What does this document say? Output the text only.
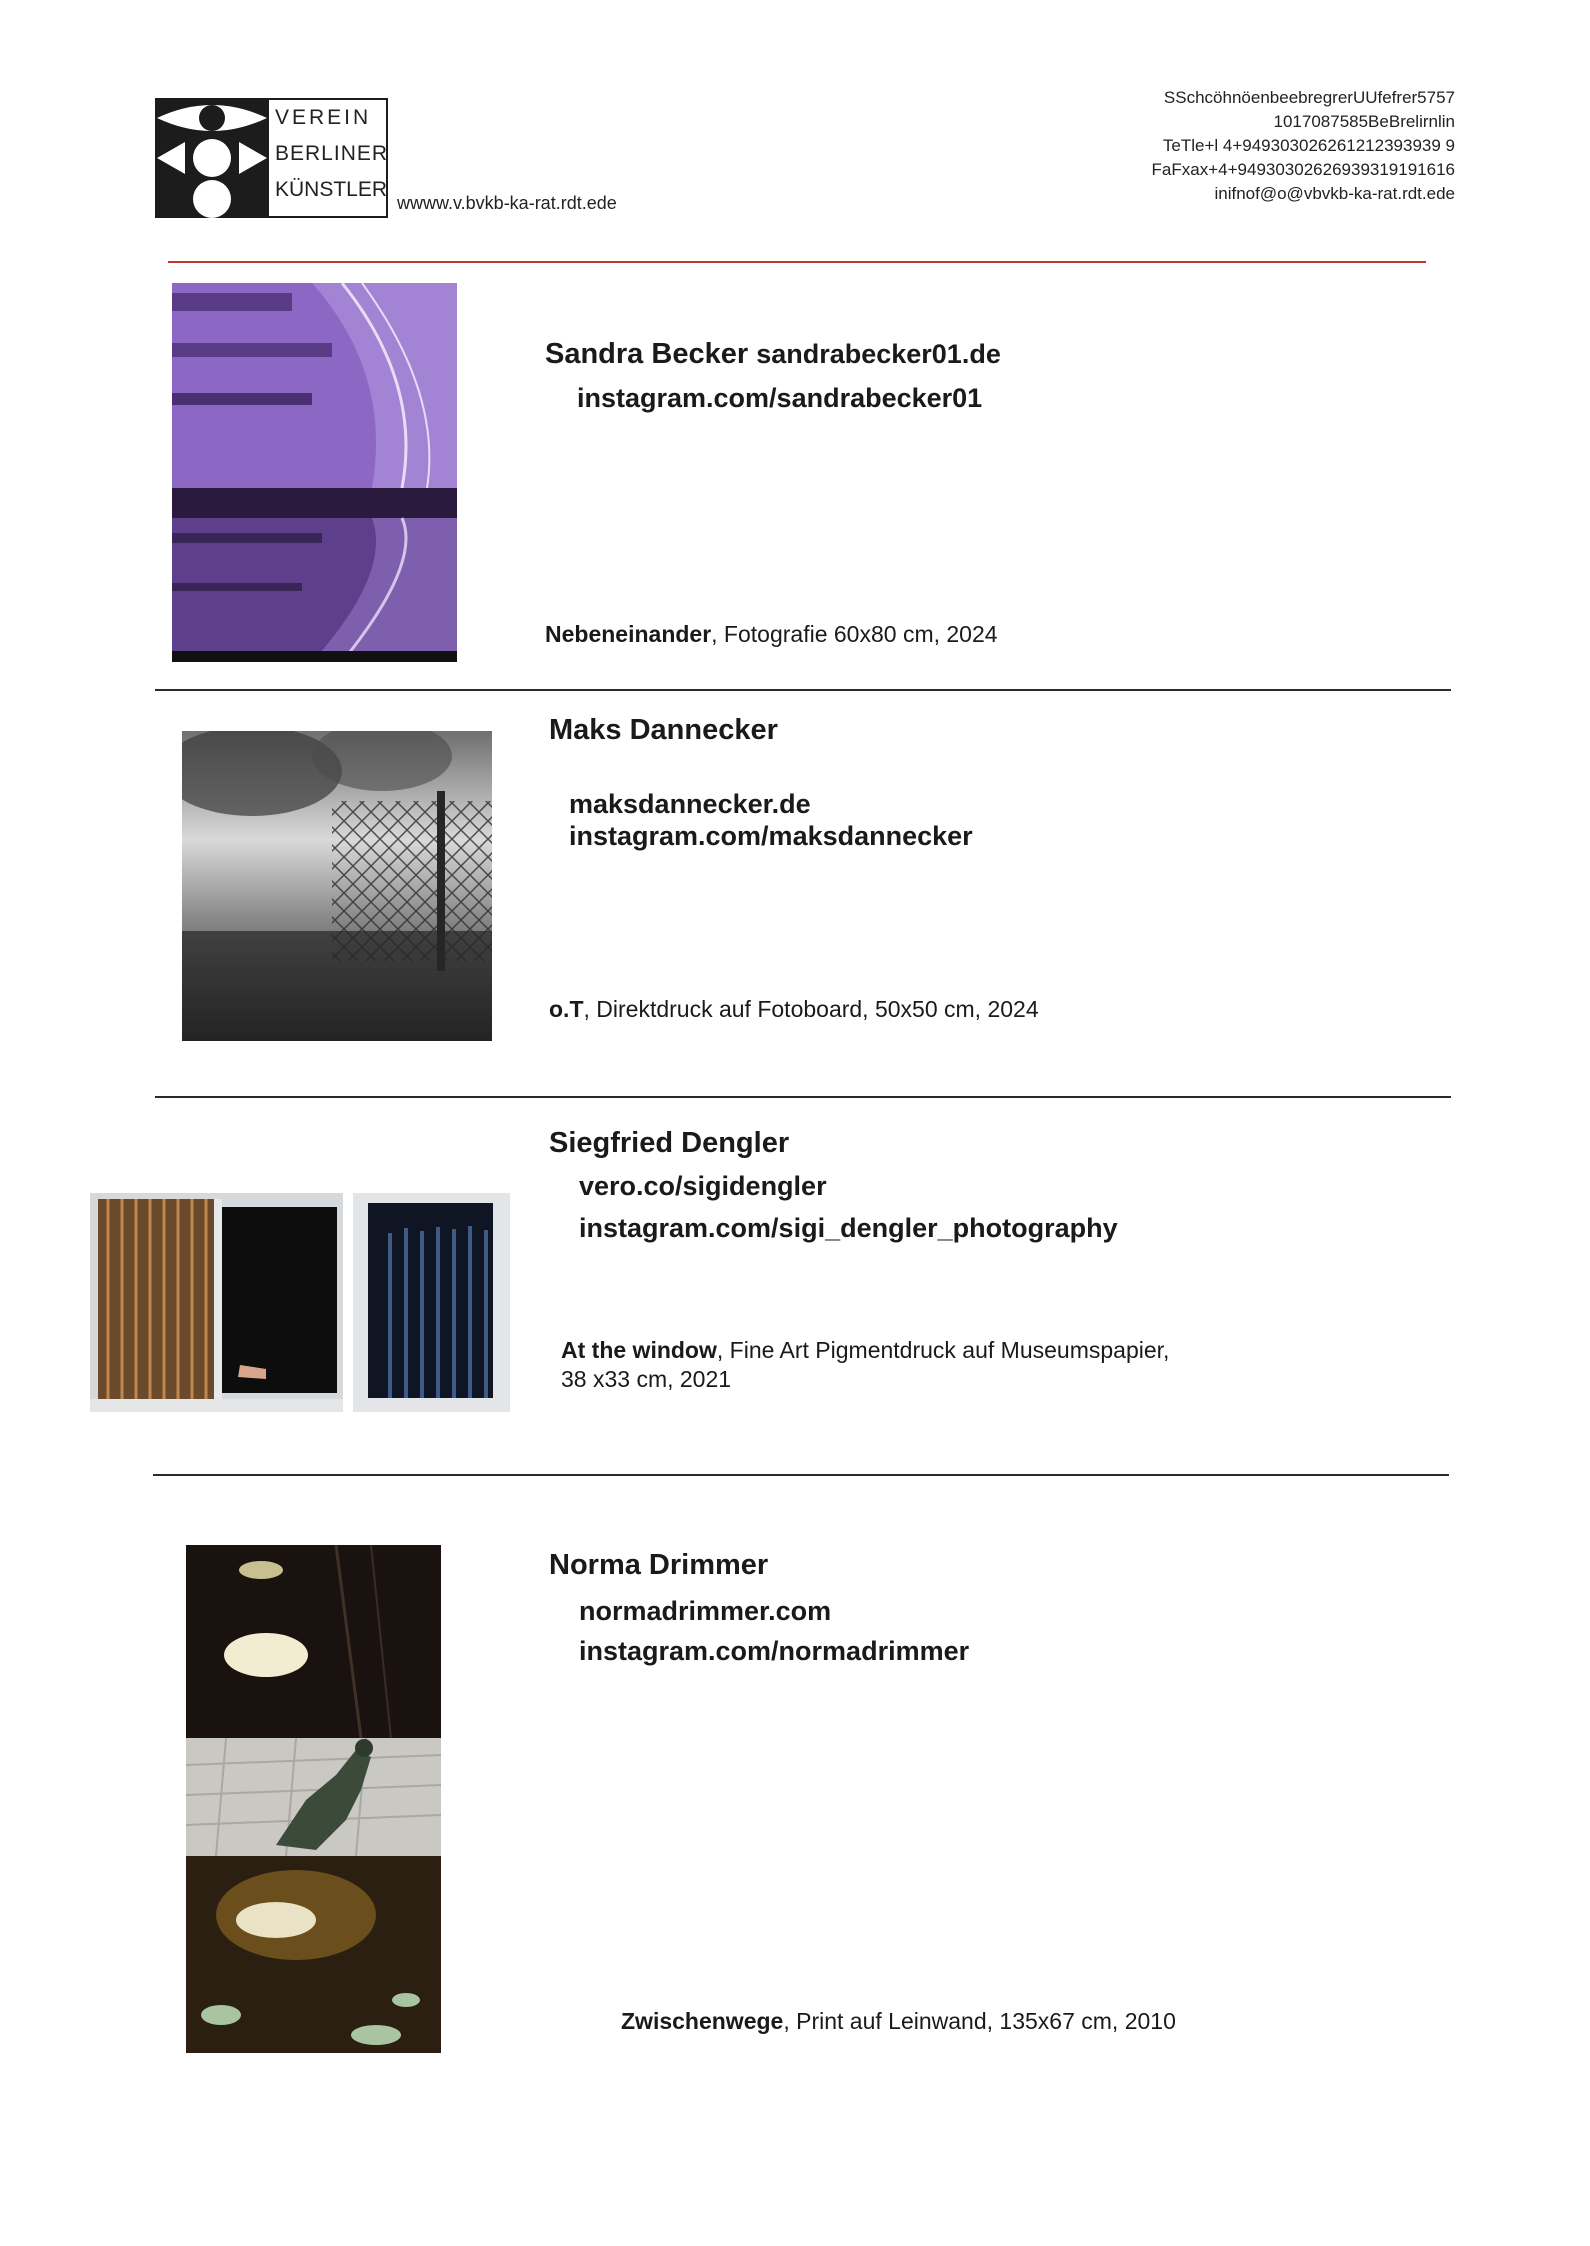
VEREIN
BERLINER
KÜNSTLER
wwww.v.bvkb-ka-rat.rdt.ede
SSchcöhnöenbeebregrerUUfefrer5757
1017087585BeBrelirnlin
TeTle+l 4+949303026261212393939 9
FaFxax+4+94930302626939319191616
inifnof@o@vbvkb-ka-rat.rdt.ede
Sandra Becker sandrabecker01.de
instagram.com/sandrabecker01
Nebeneinander, Fotografie 60x80 cm, 2024
Maks Dannecker
maksdannecker.de
instagram.com/maksdannecker
o.T, Direktdruck auf Fotoboard, 50x50 cm, 2024
Siegfried Dengler
vero.co/sigidengler
instagram.com/sigi_dengler_photography
At the window, Fine Art Pigmentdruck auf Museumspapier,
38 x33 cm, 2021
Norma Drimmer
normadrimmer.com
instagram.com/normadrimmer
Zwischenwege, Print auf Leinwand, 135x67 cm, 2010
